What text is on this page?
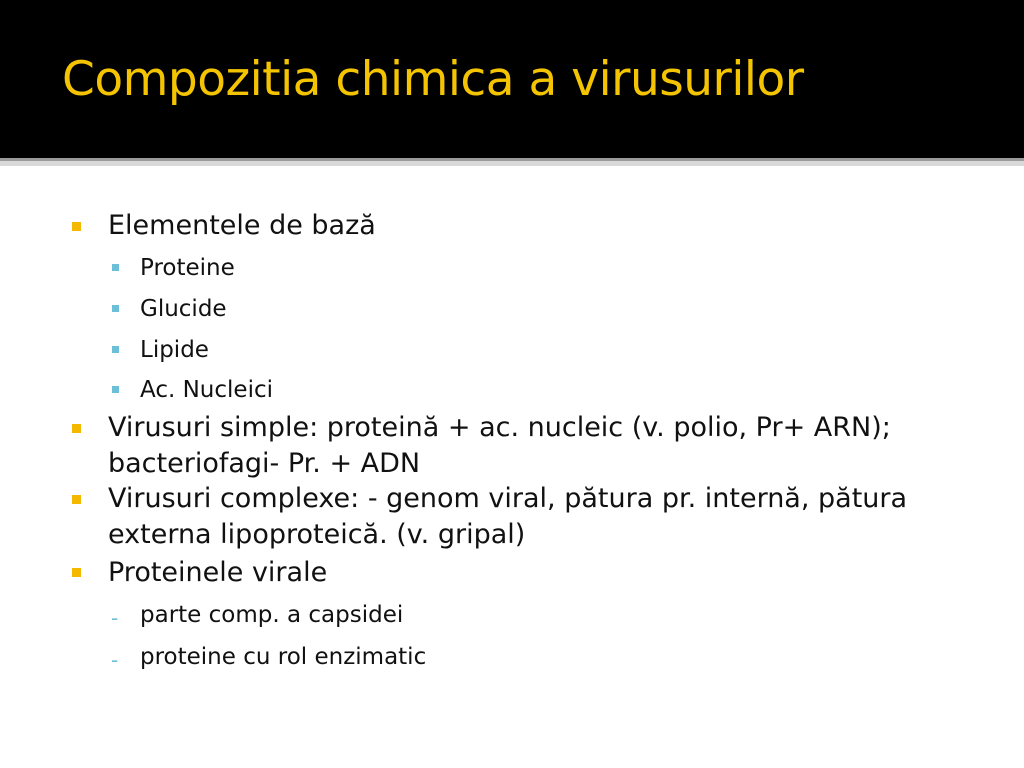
Compozitia chimica a virusurilor

Elementele de bază

Proteine

Glucide

Lipide

Ac. Nucleici

Virusuri simple: proteină + ac. nucleic (v. polio, Pr+ ARN); bacteriofagi- Pr. + ADN

Virusuri complexe: - genom viral, pătura pr. internă, pătura externa lipoproteică. (v. gripal)

Proteinele virale

- parte comp. a capsidei

- proteine cu rol enzimatic
